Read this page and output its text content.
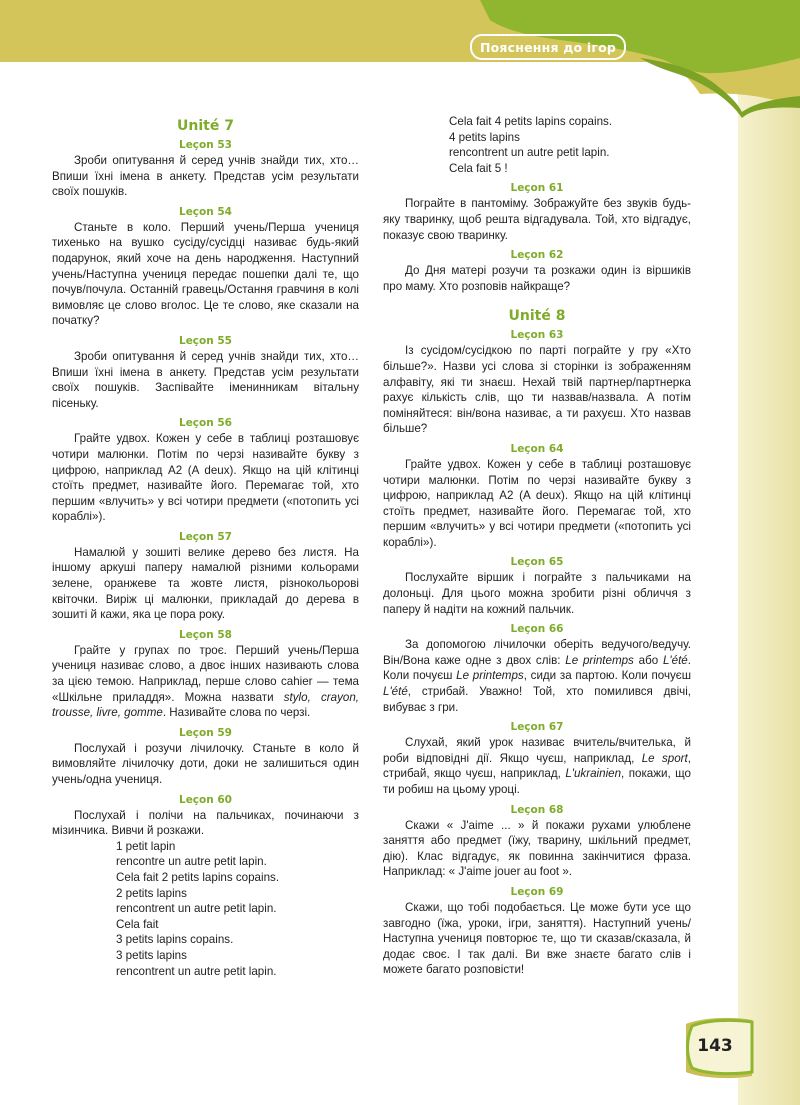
Пояснення до ігор
143
Unité 7
Leçon 53

Зроби опитування й серед учнів знайди тих, хто… Впиши їхні імена в анкету. Представ усім результати своїх пошуків.

Leçon 54

Станьте в коло. Перший учень/Перша учениця тихенько на вушко сусіду/сусідці називає будь-який подарунок, який хоче на день народження. Наступний учень/Наступна учениця передає пошепки далі те, що почув/почула. Останній гравець/Остання гравчиня в колі вимовляє це слово вголос. Це те слово, яке сказали на початку?

Leçon 55

Зроби опитування й серед учнів знайди тих, хто… Впиши їхні імена в анкету. Представ усім результати своїх пошуків. Заспівайте іменинникам вітальну пісеньку.

Leçon 56

Грайте удвох. Кожен у себе в таблиці розташовує чотири малюнки. Потім по черзі називайте букву з цифрою, наприклад А2 (A deux). Якщо на цій клітинці стоїть предмет, називайте його. Перемагає той, хто першим «влучить» у всі чотири предмети («потопить усі кораблі»).

Leçon 57

Намалюй у зошиті велике дерево без листя. На іншому аркуші паперу намалюй різними кольорами зелене, оранжеве та жовте листя, різнокольорові квіточки. Виріж ці малюнки, прикладай до дерева в зошиті й кажи, яка це пора року.

Leçon 58

Грайте у групах по троє. Перший учень/Перша учениця називає слово, а двоє інших називають слова за цією темою. Наприклад, перше слово cahier — тема «Шкільне приладдя». Можна назвати stylo, crayon, trousse, livre, gomme. Називайте слова по черзі.

Leçon 59

Послухай і розучи лічилочку. Станьте в коло й вимовляйте лічилочку доти, доки не залишиться один учень/одна учениця.

Leçon 60

Послухай і полічи на пальчиках, починаючи з мізинчика. Вивчи й розкажи.

1 petit lapin
rencontre un autre petit lapin.
Cela fait 2 petits lapins copains.
2 petits lapins
rencontrent un autre petit lapin.
Cela fait
3 petits lapins copains.
3 petits lapins
rencontrent un autre petit lapin.
Cela fait 4 petits lapins copains.
4 petits lapins
rencontrent un autre petit lapin.
Cela fait 5 !
Leçon 61

Пограйте в пантоміму. Зображуйте без звуків будь-яку тваринку, щоб решта відгадувала. Той, хто відгадує, показує свою тваринку.

Leçon 62

До Дня матері розучи та розкажи один із віршиків про маму. Хто розповів найкраще?

Unité 8
Leçon 63

Із сусідом/сусідкою по парті пограйте у гру «Хто більше?». Назви усі слова зі сторінки із зображенням алфавіту, які ти знаєш. Нехай твій партнер/партнерка рахує кількість слів, що ти назвав/назвала. А потім поміняйтеся: він/вона називає, а ти рахуєш. Хто назвав більше?

Leçon 64

Грайте удвох. Кожен у себе в таблиці розташовує чотири малюнки. Потім по черзі називайте букву з цифрою, наприклад А2 (A deux). Якщо на цій клітинці стоїть предмет, називайте його. Перемагає той, хто першим «влучить» у всі чотири предмети («потопить усі кораблі»).

Leçon 65

Послухайте віршик і пограйте з пальчиками на долоньці. Для цього можна зробити різні обличчя з паперу й надіти на кожний пальчик.

Leçon 66

За допомогою лічилочки оберіть ведучого/ведучу. Він/Вона каже одне з двох слів: Le printemps або L'été. Коли почуєш Le printemps, сиди за партою. Коли почуєш L'été, стрибай. Уважно! Той, хто помилився двічі, вибуває з гри.

Leçon 67

Слухай, який урок називає вчитель/вчителька, й роби відповідні дії. Якщо чуєш, наприклад, Le sport, стрибай, якщо чуєш, наприклад, L'ukrainien, покажи, що ти робиш на цьому уроці.

Leçon 68

Скажи « J'aime ... » й покажи рухами улюблене заняття або предмет (їжу, тварину, шкільний предмет, дію). Клас відгадує, як повинна закінчитися фраза. Наприклад: « J'aime jouer au foot ».

Leçon 69

Скажи, що тобі подобається. Це може бути усе що завгодно (їжа, уроки, ігри, заняття). Наступний учень/Наступна учениця повторює те, що ти сказав/сказала, й додає своє. І так далі. Ви вже знаєте багато слів і можете багато розповісти!
